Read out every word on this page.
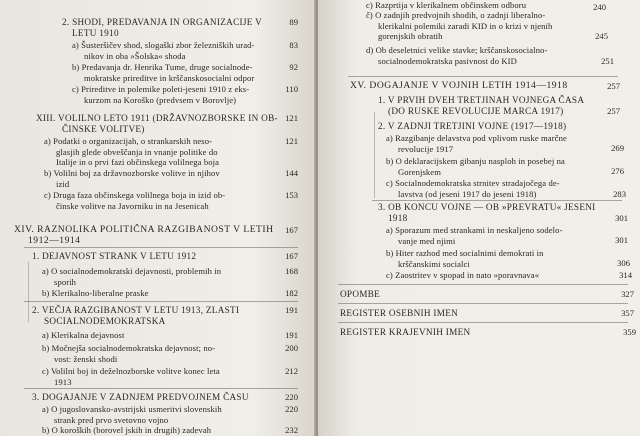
2. SHODI, PREDAVANJA IN ORGANIZACIJE V
LETU 1910
89
a) Šusteršičev shod, slogaški zbor železniških urad-
nikov in oba »Šolska« shoda
83
b) Predavanja dr. Henrika Tume, druge socialnode-
mokratske prireditve in krščanskosocialni odpor
92
c) Prireditve in polemike poleti-jeseni 1910 z eks-
kurzom na Koroško (predvsem v Borovlje)
110
XIII. VOLILNO LETO 1911 (DRŽAVNOZBORSKE IN OB-
ČINSKE VOLITVE)
121
a) Podatki o organizacijah, o strankarskih neso-
glasjih glede obveščanja in vnanje politike do
Italije in o prvi fazi občinskega volilnega boja
121
b) Volilni boj za državnozborske volitve in njihov
izid
144
c) Druga faza občinskega volilnega boja in izid ob-
činske volitve na Javorniku in na Jesenicah
153
XIV. RAZNOLIKA POLITIČNA RAZGIBANOST V LETIH
1912—1914
167
1. DEJAVNOST STRANK V LETU 1912	167
a) O socialnodemokratski dejavnosti, problemih in
sporih
168
b) Klerikalno-liberalne praske	182
2. VEČJA RAZGIBANOST V LETU 1913, ZLASTI
SOCIALNODEMOKRATSKA
191
a) Klerikalna dejavnost	191
b) Močnejša socialnodemokratska dejavnost; no-
vost: ženski shodi
200
c) Volilni boj in deželnozborske volitve konec leta
1913
212
3. DOGAJANJE V ZADNJEM PREDVOJNEM ČASU	220
a) O jugoslovansko-avstrijski usmeritvi slovenskih
strank pred prvo svetovno vojno
220
b) O koroških (borovel jskih in drugih) zadevah	232
c) Razprtija v klerikalnem občinskem odboru	240
č) O zadnjih predvojnih shodih, o zadnji liberalno-
klerikalni polemiki zaradi KID in o krizi v njenih
gorenjskih obratih	245
d) Ob deseletnici velike stavke; krščanskosocialno-
socialnodemokratska pasivnost do KID	251
XV. DOGAJANJE V VOJNIH LETIH 1914—1918	257
1. V PRVIH DVEH TRETJINAH VOJNEGA ČASA
(DO RUSKE REVOLUCIJE MARCA 1917)	257
2. V ZADNJI TRETJINI VOJNE (1917—1918)
a) Razgibanje delavstva pod vplivom ruske marčne
revolucije 1917	269
b) O deklaracijskem gibanju nasploh in posebej na
Gorenjskem	276
c) Socialnodemokratska strnitev stradajočega de-
lavstva (od jeseni 1917 do jeseni 1918)	283
3. OB KONCU VOJNE — OB »PREVRATU« JESENI
1918	301
a) Sporazum med strankami in neskaljeno sodelo-
vanje med njimi	301
b) Hiter razhod med socialnimi demokrati in
krščanskimi socialci	306
c) Zaostritev v spopad in nato »poravnava«	314
OPOMBE	327
REGISTER OSEBNIH IMEN	357
REGISTER KRAJEVNIH IMEN	359
